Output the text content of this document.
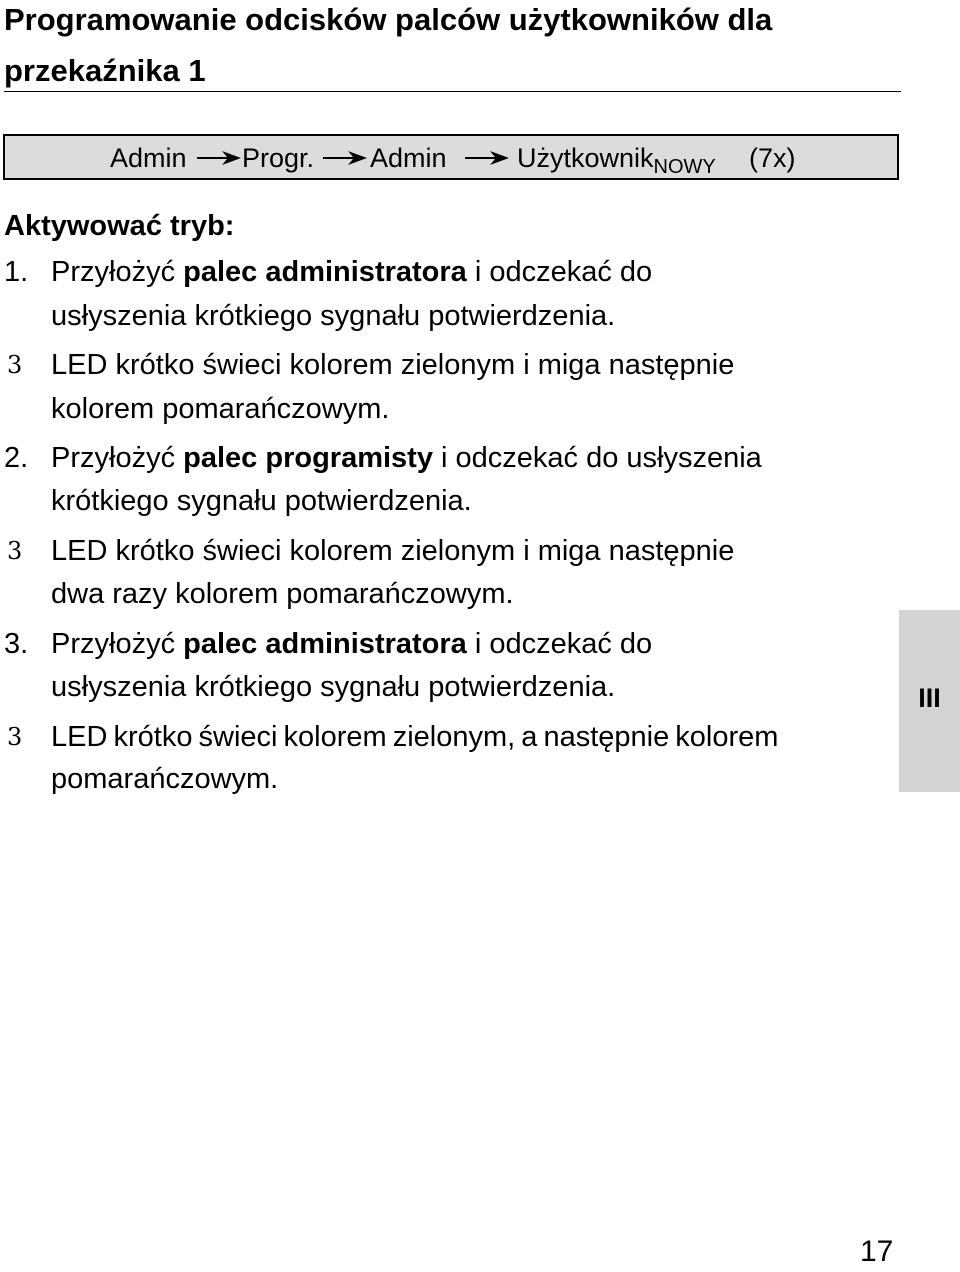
Programowanie odcisków palców użytkowników dla przekaźnika 1
Admin Progr. Admin	Użytkownik$_{NOWY}$ (7x)

Aktywować tryb:

1. Przyłożyć palec administratora i odczekać do
usłyszenia krótkiego sygnału potwierdzenia.
3 LED krótko świeci kolorem zielonym i miga następnie
kolorem pomarańczowym.
2. Przyłożyć palec programisty i odczekać do usłyszenia
krótkiego sygnału potwierdzenia.
3 LED krótko świeci kolorem zielonym i miga następnie
dwa razy kolorem pomarańczowym.
3. Przyłożyć palec administratora i odczekać do
usłyszenia krótkiego sygnału potwierdzenia.
3 LED krótko świeci kolorem zielonym, a następnie kolorem
pomarańczowym.
III
17
